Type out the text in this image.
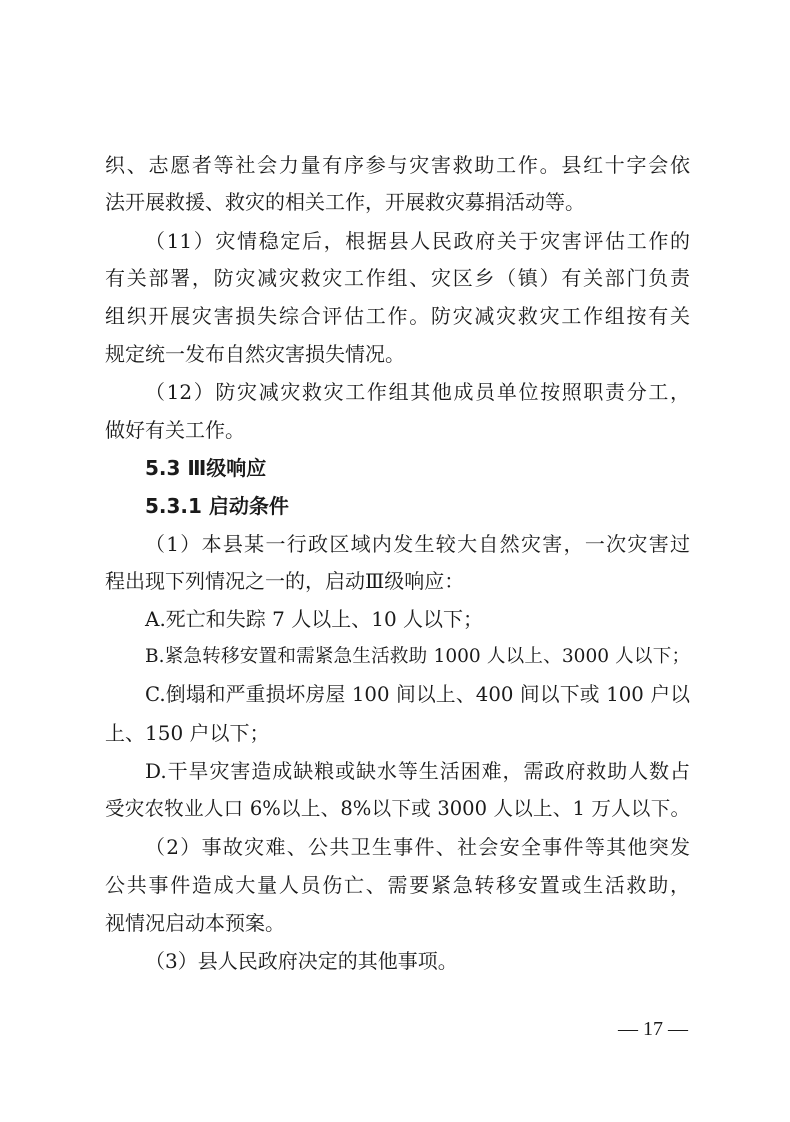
织、志愿者等社会力量有序参与灾害救助工作。县红十字会依
法开展救援、救灾的相关工作，开展救灾募捐活动等。
（11）灾情稳定后，根据县人民政府关于灾害评估工作的
有关部署，防灾减灾救灾工作组、灾区乡（镇）有关部门负责
组织开展灾害损失综合评估工作。防灾减灾救灾工作组按有关
规定统一发布自然灾害损失情况。
（12）防灾减灾救灾工作组其他成员单位按照职责分工，
做好有关工作。
5.3 Ⅲ级响应
5.3.1 启动条件
（1）本县某一行政区域内发生较大自然灾害，一次灾害过
程出现下列情况之一的，启动Ⅲ级响应：
A.死亡和失踪 7 人以上、10 人以下；
B.紧急转移安置和需紧急生活救助 1000 人以上、3000 人以下；
C.倒塌和严重损坏房屋 100 间以上、400 间以下或 100 户以
上、150 户以下；
D.干旱灾害造成缺粮或缺水等生活困难，需政府救助人数占
受灾农牧业人口 6%以上、8%以下或 3000 人以上、1 万人以下。
（2）事故灾难、公共卫生事件、社会安全事件等其他突发
公共事件造成大量人员伤亡、需要紧急转移安置或生活救助，
视情况启动本预案。
（3）县人民政府决定的其他事项。
— 17 —
